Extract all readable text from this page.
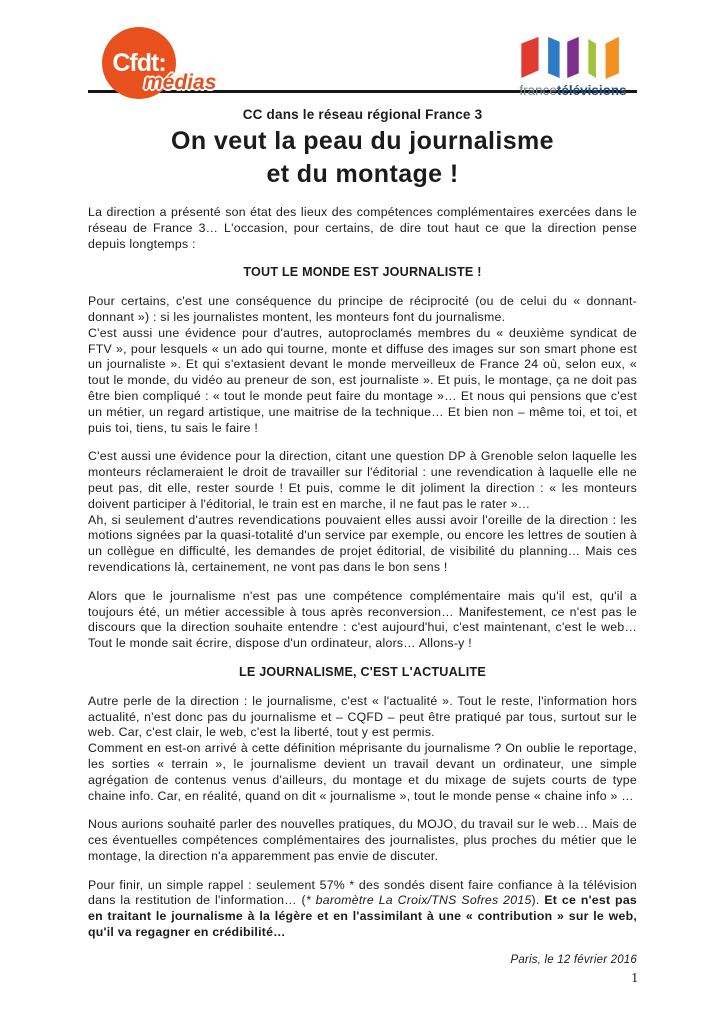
Cfdt:
médias	francetélévisions
CC dans le réseau régional France 3
On veut la peau du journalisme
et du montage !

La direction a présenté son état des lieux des compétences complémentaires exercées dans le réseau de France 3… L'occasion, pour certains, de dire tout haut ce que la direction pense depuis longtemps :

TOUT LE MONDE EST JOURNALISTE !

Pour certains, c'est une conséquence du principe de réciprocité (ou de celui du « donnant-donnant ») : si les journalistes montent, les monteurs font du journalisme.

C'est aussi une évidence pour d'autres, autoproclamés membres du « deuxième syndicat de FTV », pour lesquels « un ado qui tourne, monte et diffuse des images sur son smart phone est un journaliste ». Et qui s'extasient devant le monde merveilleux de France 24 où, selon eux, « tout le monde, du vidéo au preneur de son, est journaliste ». Et puis, le montage, ça ne doit pas être bien compliqué : « tout le monde peut faire du montage »… Et nous qui pensions que c'est un métier, un regard artistique, une maitrise de la technique… Et bien non – même toi, et toi, et puis toi, tiens, tu sais le faire !

C'est aussi une évidence pour la direction, citant une question DP à Grenoble selon laquelle les monteurs réclameraient le droit de travailler sur l'éditorial : une revendication à laquelle elle ne peut pas, dit elle, rester sourde ! Et puis, comme le dit joliment la direction : « les monteurs doivent participer à l'éditorial, le train est en marche, il ne faut pas le rater »…

Ah, si seulement d'autres revendications pouvaient elles aussi avoir l'oreille de la direction : les motions signées par la quasi-totalité d'un service par exemple, ou encore les lettres de soutien à un collègue en difficulté, les demandes de projet éditorial, de visibilité du planning… Mais ces revendications là, certainement, ne vont pas dans le bon sens !

Alors que le journalisme n'est pas une compétence complémentaire mais qu'il est, qu'il a toujours été, un métier accessible à tous après reconversion… Manifestement, ce n'est pas le discours que la direction souhaite entendre : c'est aujourd'hui, c'est maintenant, c'est le web… Tout le monde sait écrire, dispose d'un ordinateur, alors… Allons-y !

LE JOURNALISME, C'EST L'ACTUALITE

Autre perle de la direction : le journalisme, c'est « l'actualité ». Tout le reste, l'information hors actualité, n'est donc pas du journalisme et – CQFD – peut être pratiqué par tous, surtout sur le web. Car, c'est clair, le web, c'est la liberté, tout y est permis.

Comment en est-on arrivé à cette définition méprisante du journalisme ? On oublie le reportage, les sorties « terrain », le journalisme devient un travail devant un ordinateur, une simple agrégation de contenus venus d'ailleurs, du montage et du mixage de sujets courts de type chaine info. Car, en réalité, quand on dit « journalisme », tout le monde pense « chaine info » …

Nous aurions souhaité parler des nouvelles pratiques, du MOJO, du travail sur le web… Mais de ces éventuelles compétences complémentaires des journalistes, plus proches du métier que le montage, la direction n'a apparemment pas envie de discuter.

Pour finir, un simple rappel : seulement 57% * des sondés disent faire confiance à la télévision dans la restitution de l'information… (* baromètre La Croix/TNS Sofres 2015). Et ce n'est pas en traitant le journalisme à la légère et en l'assimilant à une « contribution » sur le web, qu'il va regagner en crédibilité…

Paris, le 12 février 2016
1
